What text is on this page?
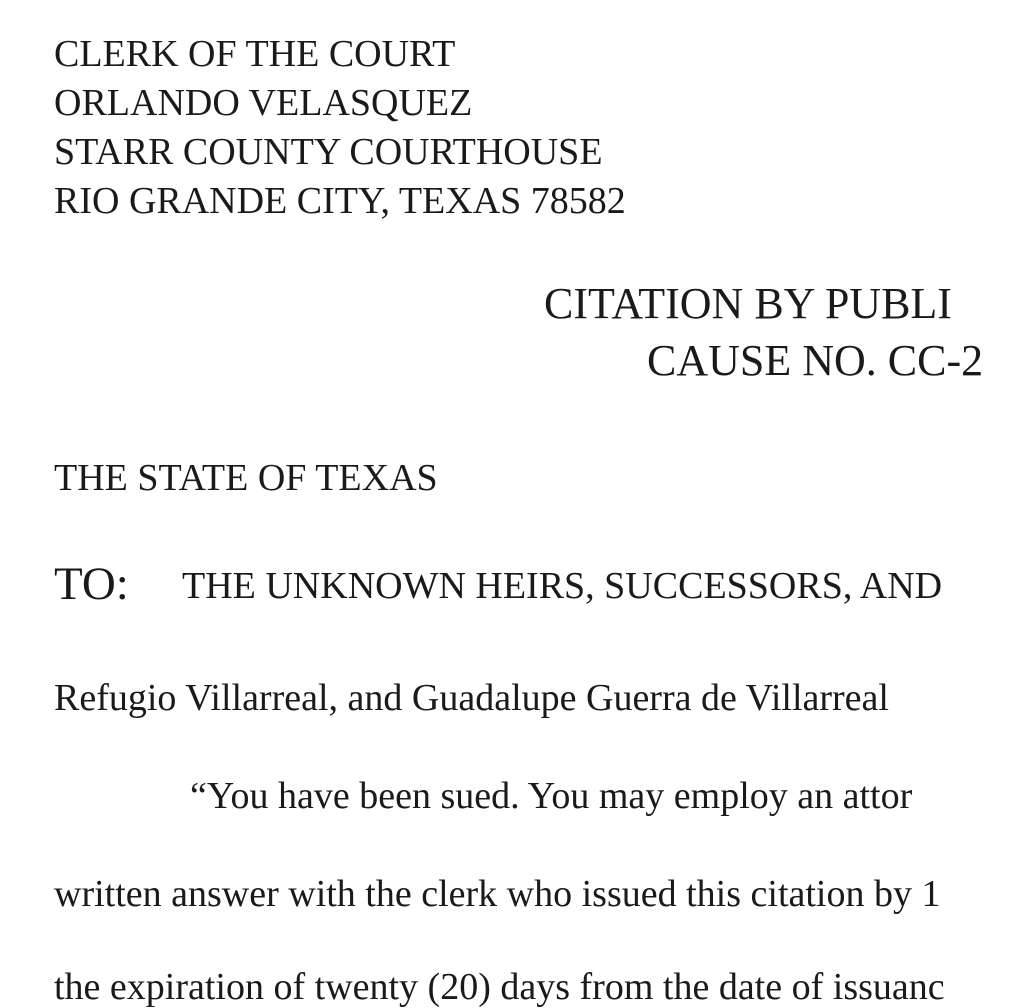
CLERK OF THE COURT
ORLANDO VELASQUEZ
STARR COUNTY COURTHOUSE
RIO GRANDE CITY, TEXAS 78582
CITATION BY PUBLI
CAUSE NO. CC-2
THE STATE OF TEXAS
TO: THE UNKNOWN HEIRS, SUCCESSORS, AND
Refugio Villarreal, and Guadalupe Guerra de Villarreal
“You have been sued. You may employ an attor
written answer with the clerk who issued this citation by 1
the expiration of twenty (20) days from the date of issuanc
